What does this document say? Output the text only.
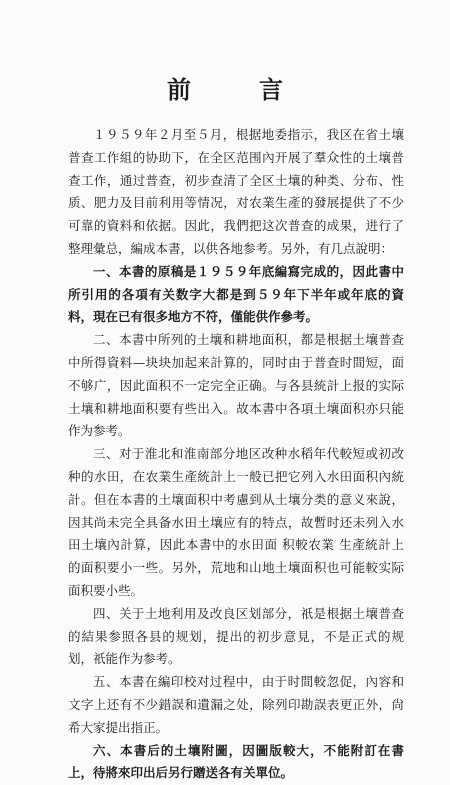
前　言

１９５９年２月至５月，根据地委指示，我区在省土壤普查工作組的协助下，在全区范围內开展了羣众性的土壤普查工作，通过普查，初步查清了全区土壤的种类、分布、性质、肥力及目前利用等情况，对农業生產的發展提供了不少可靠的資料和依据。因此，我們把这次普查的成果，进行了整理彙总，編成本書，以供各地参考。另外，有几点說明：

一、本書的原稿是１９５９年底編寫完成的，因此書中所引用的各項有关数字大都是到５９年下半年或年底的資料，現在已有很多地方不符，僅能供作參考。

二、本書中所列的土壤和耕地面积，都是根据土壤普查中所得資料—块块加起来計算的，同时由于普查时間短，面不够广，因此面积不一定完全正确。与各县統計上报的实际土壤和耕地面积要有些出入。故本書中各項土壤面积亦只能作为参考。

三、对于淮北和淮南部分地区改种水稻年代較短或初改种的水田，在农業生產統計上一般已把它列入水田面积內統計。但在本書的土壤面积中考慮到从土壤分类的意义來說，因其尚未完全具备水田土壤应有的特点，故暫时还未列入水田土壤內計算，因此本書中的水田面 积較农業 生產統計上 的面积要小一些。另外，荒地和山地土壤面积也可能較实际面积要小些。

四、关于土地利用及改良区划部分，祇是根据土壤普查的結果参照各县的规划，提出的初步意見，不是正式的规划，祇能作为参考。

五、本書在編印校对过程中，由于时間較忽促，內容和文字上还有不少錯誤和遺漏之处，除列印勘誤表更正外，尙希大家提出指正。

六、本書后的土壤附圖，因圖版較大，不能附訂在書上，待將來印出后另行贈送各有关單位。
